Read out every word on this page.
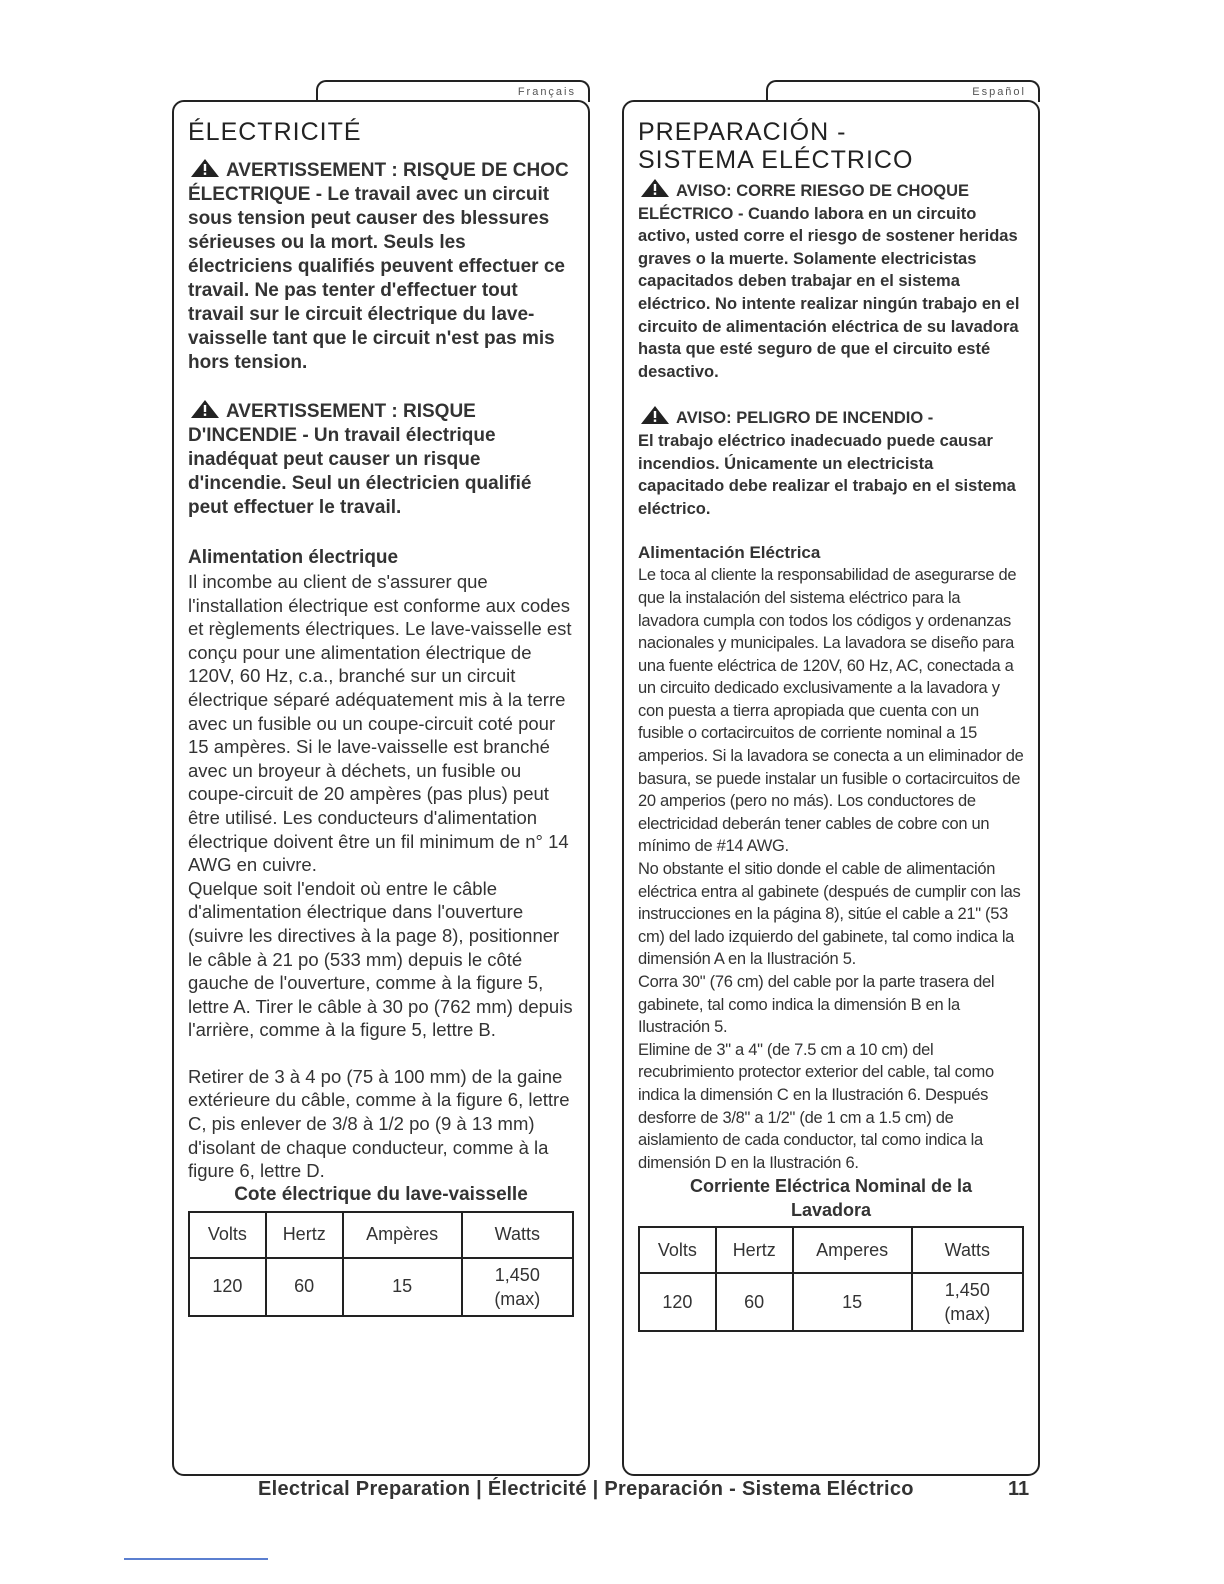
Français
ÉLECTRICITÉ

AVERTISSEMENT : RISQUE DE CHOC ÉLECTRIQUE - Le travail avec un circuit sous tension peut causer des blessures sérieuses ou la mort. Seuls les électriciens qualifiés peuvent effectuer ce travail. Ne pas tenter d'effectuer tout travail sur le circuit électrique du lave-vaisselle tant que le circuit n'est pas mis hors tension.

AVERTISSEMENT : RISQUE D'INCENDIE - Un travail électrique inadéquat peut causer un risque d'incendie. Seul un électricien qualifié peut effectuer le travail.

Alimentation électrique

Il incombe au client de s'assurer que l'installation électrique est conforme aux codes et règlements électriques. Le lave-vaisselle est conçu pour une alimentation électrique de 120V, 60 Hz, c.a., branché sur un circuit électrique séparé adéquatement mis à la terre avec un fusible ou un coupe-circuit coté pour 15 ampères. Si le lave-vaisselle est branché avec un broyeur à déchets, un fusible ou coupe-circuit de 20 ampères (pas plus) peut être utilisé. Les conducteurs d'alimentation électrique doivent être un fil minimum de n° 14 AWG en cuivre.
Quelque soit l'endoit où entre le câble d'alimentation électrique dans l'ouverture (suivre les directives à la page 8), positionner le câble à 21 po (533 mm) depuis le côté gauche de l'ouverture, comme à la figure 5, lettre A. Tirer le câble à 30 po (762 mm) depuis l'arrière, comme à la figure 5, lettre B.

Retirer de 3 à 4 po (75 à 100 mm) de la gaine extérieure du câble, comme à la figure 6, lettre C, pis enlever de 3/8 à 1/2 po (9 à 13 mm) d'isolant de chaque conducteur, comme à la figure 6, lettre D.

Cote électrique du lave-vaisselle
Volts	Hertz	Ampères	Watts
120	60	15	1,450
(max)
Español
PREPARACIÓN - SISTEMA ELÉCTRICO

AVISO: CORRE RIESGO DE CHOQUE ELÉCTRICO - Cuando labora en un circuito activo, usted corre el riesgo de sostener heridas graves o la muerte. Solamente electricistas capacitados deben trabajar en el sistema eléctrico. No intente realizar ningún trabajo en el circuito de alimentación eléctrica de su lavadora hasta que esté seguro de que el circuito esté desactivo.

AVISO: PELIGRO DE INCENDIO -
El trabajo eléctrico inadecuado puede causar incendios. Únicamente un electricista capacitado debe realizar el trabajo en el sistema eléctrico.

Alimentación Eléctrica

Le toca al cliente la responsabilidad de asegurarse de que la instalación del sistema eléctrico para la lavadora cumpla con todos los códigos y ordenanzas nacionales y municipales. La lavadora se diseño para una fuente eléctrica de 120V, 60 Hz, AC, conectada a un circuito dedicado exclusivamente a la lavadora y con puesta a tierra apropiada que cuenta con un fusible o cortacircuitos de corriente nominal a 15 amperios. Si la lavadora se conecta a un eliminador de basura, se puede instalar un fusible o cortacircuitos de 20 amperios (pero no más). Los conductores de electricidad deberán tener cables de cobre con un mínimo de #14 AWG.
No obstante el sitio donde el cable de alimentación eléctrica entra al gabinete (después de cumplir con las instrucciones en la página 8), sitúe el cable a 21" (53 cm) del lado izquierdo del gabinete, tal como indica la dimensión A en la Ilustración 5.
Corra 30" (76 cm) del cable por la parte trasera del gabinete, tal como indica la dimensión B en la Ilustración 5.
Elimine de 3" a 4" (de 7.5 cm a 10 cm) del recubrimiento protector exterior del cable, tal como indica la dimensión C en la Ilustración 6. Después desforre de 3/8" a 1/2" (de 1 cm a 1.5 cm) de aislamiento de cada conductor, tal como indica la dimensión D en la Ilustración 6.

Corriente Eléctrica Nominal de la Lavadora
Volts	Hertz	Amperes	Watts
120	60	15	1,450
(max)
Electrical Preparation | Électricité | Preparación - Sistema Eléctrico	11
